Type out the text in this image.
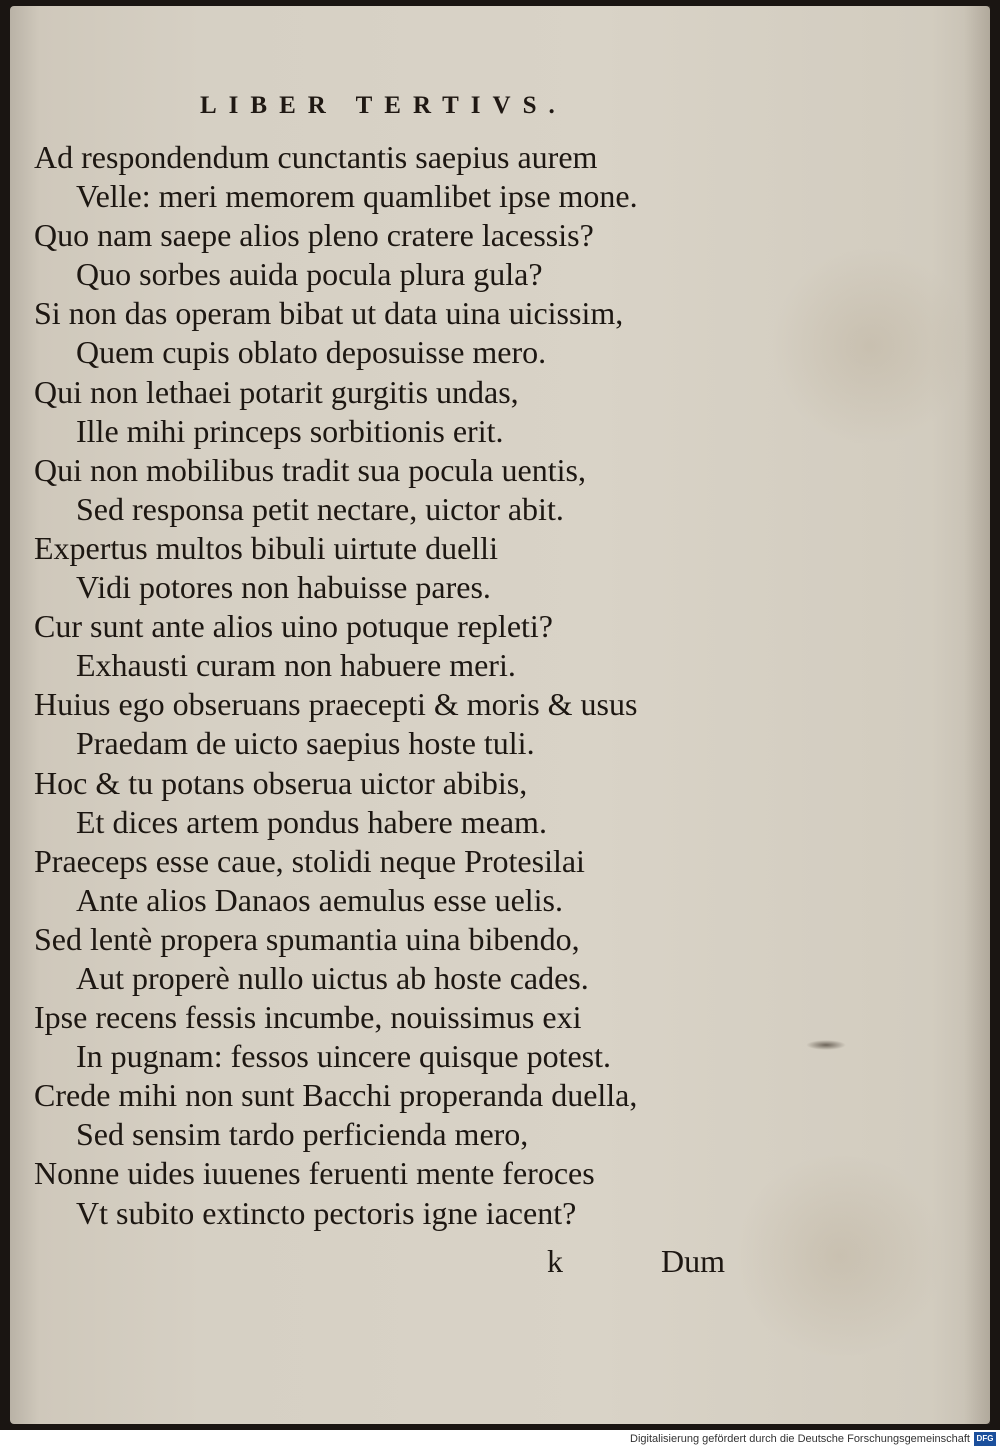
LIBER TERTIVS.
Ad respondendum cunctantis saepius aurem
Velle: meri memorem quamlibet ipse mone.
Quo nam saepe alios pleno cratere lacessis?
Quo sorbes auida pocula plura gula?
Si non das operam bibat ut data uina uicissim,
Quem cupis oblato deposuisse mero.
Qui non lethaei potarit gurgitis undas,
Ille mihi princeps sorbitionis erit.
Qui non mobilibus tradit sua pocula uentis,
Sed responsa petit nectare, uictor abit.
Expertus multos bibuli uirtute duelli
Vidi potores non habuisse pares.
Cur sunt ante alios uino potuque repleti?
Exhausti curam non habuere meri.
Huius ego obseruans praecepti & moris & usus
Praedam de uicto saepius hoste tuli.
Hoc & tu potans obserua uictor abibis,
Et dices artem pondus habere meam.
Praeceps esse caue, stolidi neque Protesilai
Ante alios Danaos aemulus esse uelis.
Sed lentè propera spumantia uina bibendo,
Aut properè nullo uictus ab hoste cades.
Ipse recens fessis incumbe, nouissimus exi
In pugnam: fessos uincere quisque potest.
Crede mihi non sunt Bacchi properanda duella,
Sed sensim tardo perficienda mero,
Nonne uides iuuenes feruenti mente feroces
Vt subito extincto pectoris igne iacent?
k	Dum
Digitalisierung gefördert durch die Deutsche Forschungsgemeinschaft DFG
